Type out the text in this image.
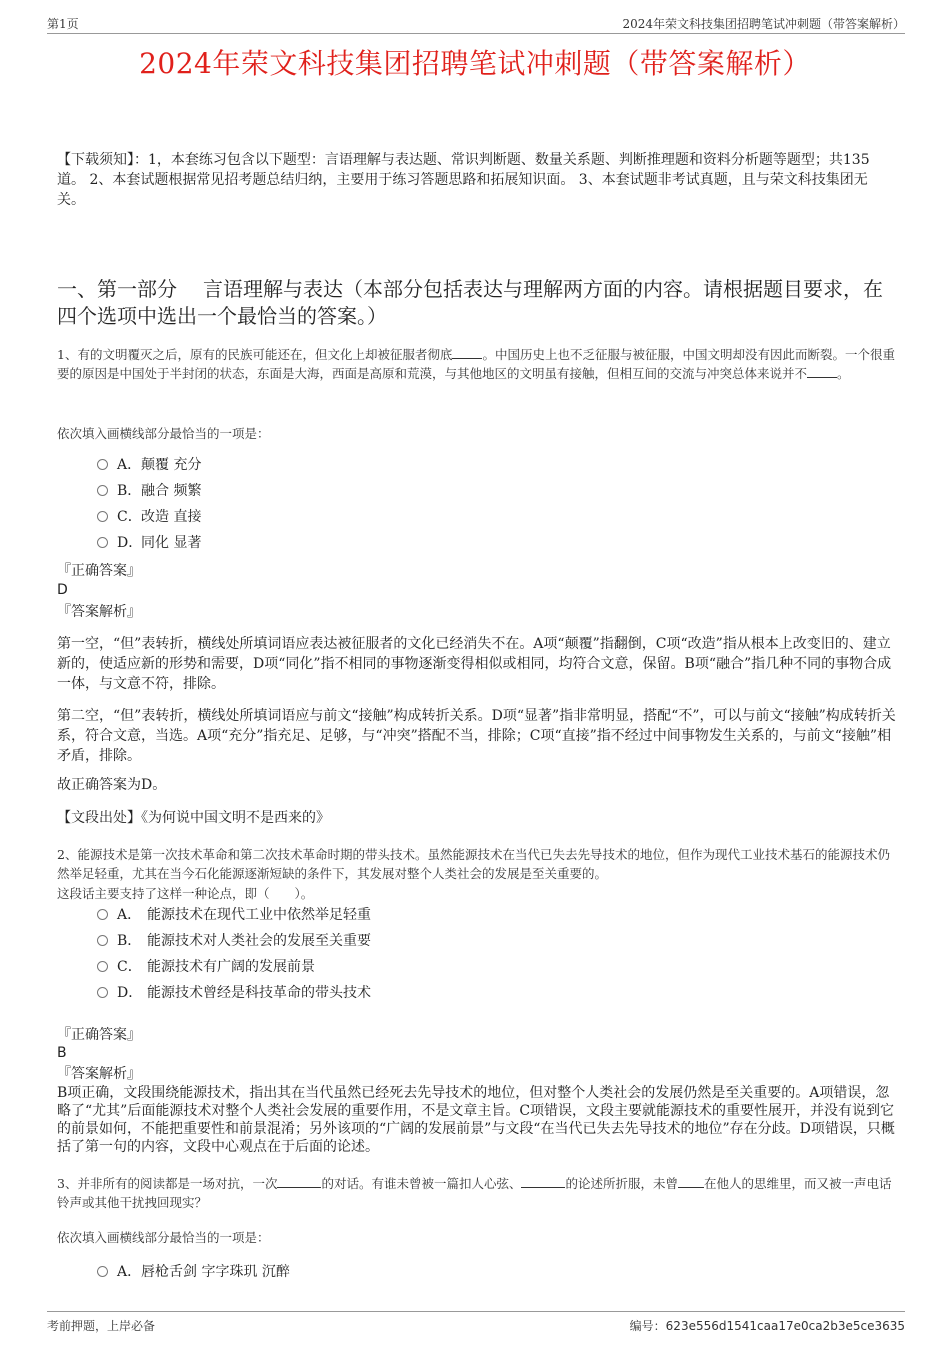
第1页	2024年荣文科技集团招聘笔试冲刺题（带答案解析）
2024年荣文科技集团招聘笔试冲刺题（带答案解析）
【下载须知】：1，本套练习包含以下题型：言语理解与表达题、常识判断题、数量关系题、判断推理题和资料分析题等题型；共135道。 2、本套试题根据常见招考题总结归纳，主要用于练习答题思路和拓展知识面。 3、本套试题非考试真题，且与荣文科技集团无关。
一、第一部分 言语理解与表达（本部分包括表达与理解两方面的内容。请根据题目要求，在四个选项中选出一个最恰当的答案。）
1、有的文明覆灭之后，原有的民族可能还在，但文化上却被征服者彻底 。中国历史上也不乏征服与被征服，中国文明却没有因此而断裂。一个很重要的原因是中国处于半封闭的状态，东面是大海，西面是高原和荒漠，与其他地区的文明虽有接触，但相互间的交流与冲突总体来说并不 。
依次填入画横线部分最恰当的一项是：
A．颠覆 充分
B．融合 频繁
C．改造 直接
D．同化 显著
『正确答案』
D
『答案解析』
第一空，“但”表转折，横线处所填词语应表达被征服者的文化已经消失不在。A项“颠覆”指翻倒，C项“改造”指从根本上改变旧的、建立新的，使适应新的形势和需要，D项“同化”指不相同的事物逐渐变得相似或相同，均符合文意，保留。B项“融合”指几种不同的事物合成一体，与文意不符，排除。
第二空，“但”表转折，横线处所填词语应与前文“接触”构成转折关系。D项“显著”指非常明显，搭配“不”，可以与前文“接触”构成转折关系，符合文意，当选。A项“充分”指充足、足够，与“冲突”搭配不当，排除；C项“直接”指不经过中间事物发生关系的，与前文“接触”相矛盾，排除。
故正确答案为D。
【文段出处】《为何说中国文明不是西来的》
2、能源技术是第一次技术革命和第二次技术革命时期的带头技术。虽然能源技术在当代已失去先导技术的地位，但作为现代工业技术基石的能源技术仍然举足轻重，尤其在当今石化能源逐渐短缺的条件下，其发展对整个人类社会的发展是至关重要的。
这段话主要支持了这样一种论点，即（　　）。
A． 能源技术在现代工业中依然举足轻重
B． 能源技术对人类社会的发展至关重要
C． 能源技术有广阔的发展前景
D． 能源技术曾经是科技革命的带头技术
『正确答案』
B
『答案解析』
B项正确，文段围绕能源技术，指出其在当代虽然已经死去先导技术的地位，但对整个人类社会的发展仍然是至关重要的。A项错误，忽略了“尤其”后面能源技术对整个人类社会发展的重要作用，不是文章主旨。C项错误，文段主要就能源技术的重要性展开，并没有说到它的前景如何，不能把重要性和前景混淆；另外该项的“广阔的发展前景”与文段“在当代已失去先导技术的地位”存在分歧。D项错误，只概括了第一句的内容，文段中心观点在于后面的论述。
3、并非所有的阅读都是一场对抗，一次	的对话。有谁未曾被一篇扣人心弦、	的论述所折服，未曾 在他人的思维里，而又被一声电话铃声或其他干扰拽回现实？
依次填入画横线部分最恰当的一项是：
A．唇枪舌剑 字字珠玑 沉醉
考前押题，上岸必备	编号：623e556d1541caa17e0ca2b3e5ce3635
